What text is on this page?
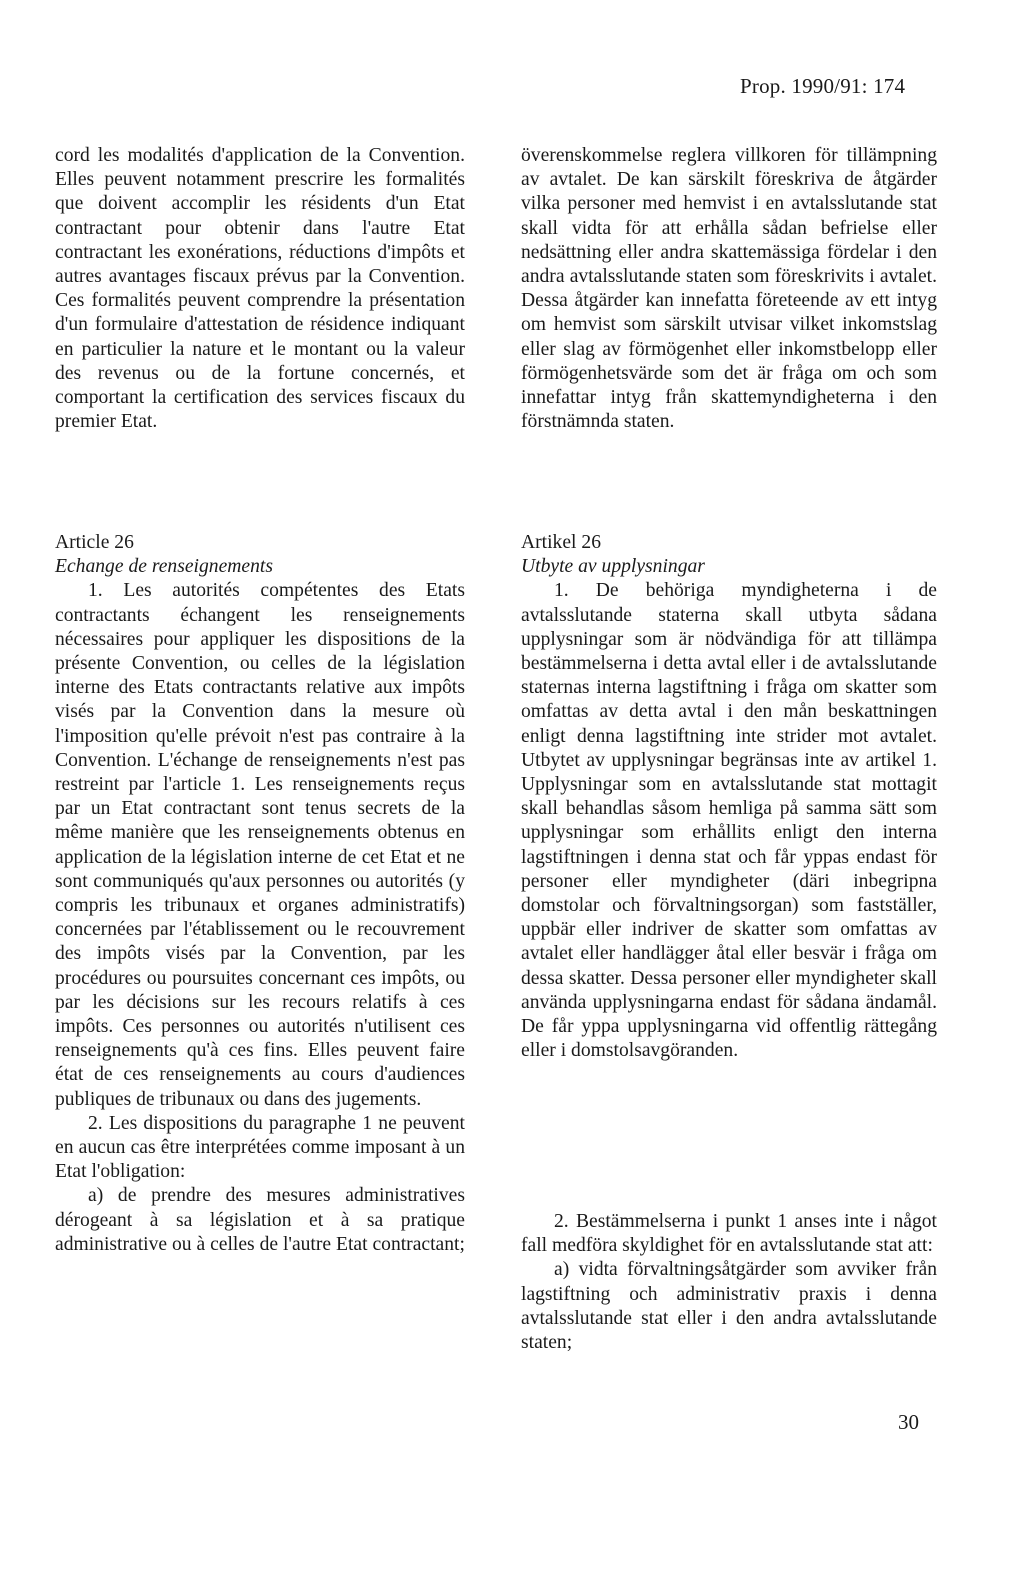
Prop. 1990/91: 174

cord les modalités d'application de la Convention. Elles peuvent notamment prescrire les formalités que doivent accomplir les résidents d'un Etat contractant pour obtenir dans l'autre Etat contractant les exonérations, réductions d'impôts et autres avantages fiscaux prévus par la Convention. Ces formalités peuvent comprendre la présentation d'un formulaire d'attestation de résidence indiquant en particulier la nature et le montant ou la valeur des revenus ou de la fortune concernés, et comportant la certification des services fiscaux du premier Etat.

Article 26

Echange de renseignements

1. Les autorités compétentes des Etats contractants échangent les renseignements nécessaires pour appliquer les dispositions de la présente Convention, ou celles de la législation interne des Etats contractants relative aux impôts visés par la Convention dans la mesure où l'imposition qu'elle prévoit n'est pas contraire à la Convention. L'échange de renseignements n'est pas restreint par l'article 1. Les renseignements reçus par un Etat contractant sont tenus secrets de la même manière que les renseignements obtenus en application de la législation interne de cet Etat et ne sont communiqués qu'aux personnes ou autorités (y compris les tribunaux et organes administratifs) concernées par l'établissement ou le recouvrement des impôts visés par la Convention, par les procédures ou poursuites concernant ces impôts, ou par les décisions sur les recours relatifs à ces impôts. Ces personnes ou autorités n'utilisent ces renseignements qu'à ces fins. Elles peuvent faire état de ces renseignements au cours d'audiences publiques de tribunaux ou dans des jugements.

2. Les dispositions du paragraphe 1 ne peuvent en aucun cas être interprétées comme imposant à un Etat l'obligation:

a) de prendre des mesures administratives dérogeant à sa législation et à sa pratique administrative ou à celles de l'autre Etat contractant;

överenskommelse reglera villkoren för tillämpning av avtalet. De kan särskilt föreskriva de åtgärder vilka personer med hemvist i en avtalsslutande stat skall vidta för att erhålla sådan befrielse eller nedsättning eller andra skattemässiga fördelar i den andra avtalsslutande staten som föreskrivits i avtalet. Dessa åtgärder kan innefatta företeende av ett intyg om hemvist som särskilt utvisar vilket inkomstslag eller slag av förmögenhet eller inkomstbelopp eller förmögenhetsvärde som det är fråga om och som innefattar intyg från skattemyndigheterna i den förstnämnda staten.

Artikel 26

Utbyte av upplysningar

1. De behöriga myndigheterna i de avtalsslutande staterna skall utbyta sådana upplysningar som är nödvändiga för att tillämpa bestämmelserna i detta avtal eller i de avtalsslutande staternas interna lagstiftning i fråga om skatter som omfattas av detta avtal i den mån beskattningen enligt denna lagstiftning inte strider mot avtalet. Utbytet av upplysningar begränsas inte av artikel 1. Upplysningar som en avtalsslutande stat mottagit skall behandlas såsom hemliga på samma sätt som upplysningar som erhållits enligt den interna lagstiftningen i denna stat och får yppas endast för personer eller myndigheter (däri inbegripna domstolar och förvaltningsorgan) som fastställer, uppbär eller indriver de skatter som omfattas av avtalet eller handlägger åtal eller besvär i fråga om dessa skatter. Dessa personer eller myndigheter skall använda upplysningarna endast för sådana ändamål. De får yppa upplysningarna vid offentlig rättegång eller i domstolsavgöranden.

2. Bestämmelserna i punkt 1 anses inte i något fall medföra skyldighet för en avtalsslutande stat att:

a) vidta förvaltningsåtgärder som avviker från lagstiftning och administrativ praxis i denna avtalsslutande stat eller i den andra avtalsslutande staten;

30
